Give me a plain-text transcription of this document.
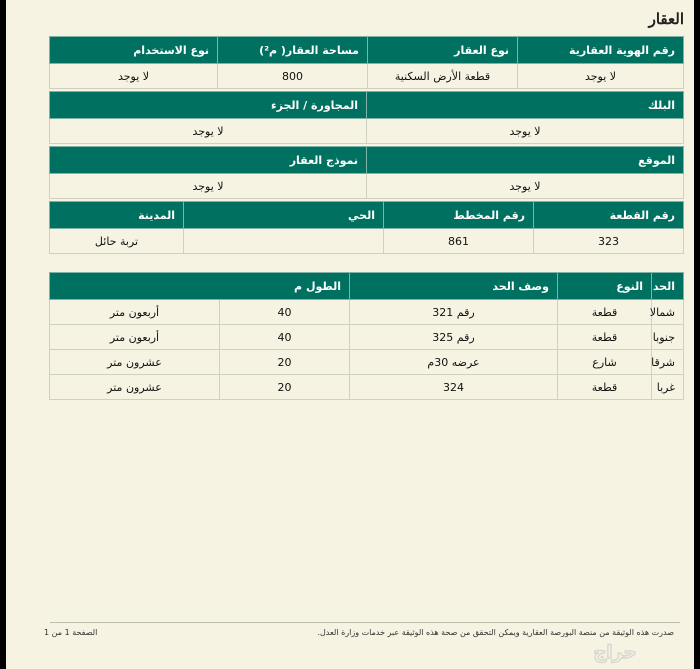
العقار
رقم الهوية العقارية	نوع العقار	مساحة العقار( م²)	نوع الاستخدام
لا يوجد	قطعة الأرض السكنية	800	لا يوجد
البلك	المجاورة / الجزء
لا يوجد	لا يوجد
الموقع	نموذج العقار
لا يوجد	لا يوجد
رقم القطعة	رقم المخطط	الحي	المدينة
323	861		تربة حائل
الحد	النوع	وصف الحد	الطول م	
شمالا	قطعة	رقم 321	40	أربعون متر
جنوبا	قطعة	رقم 325	40	أربعون متر
شرقا	شارع	عرضه 30م	20	عشرون متر
غربا	قطعة	324	20	عشرون متر
صدرت هذه الوثيقة من منصة البورصة العقارية ويمكن التحقق من صحة هذه الوثيقة عبر خدمات وزارة العدل.
الصفحة 1 من 1
حراج
